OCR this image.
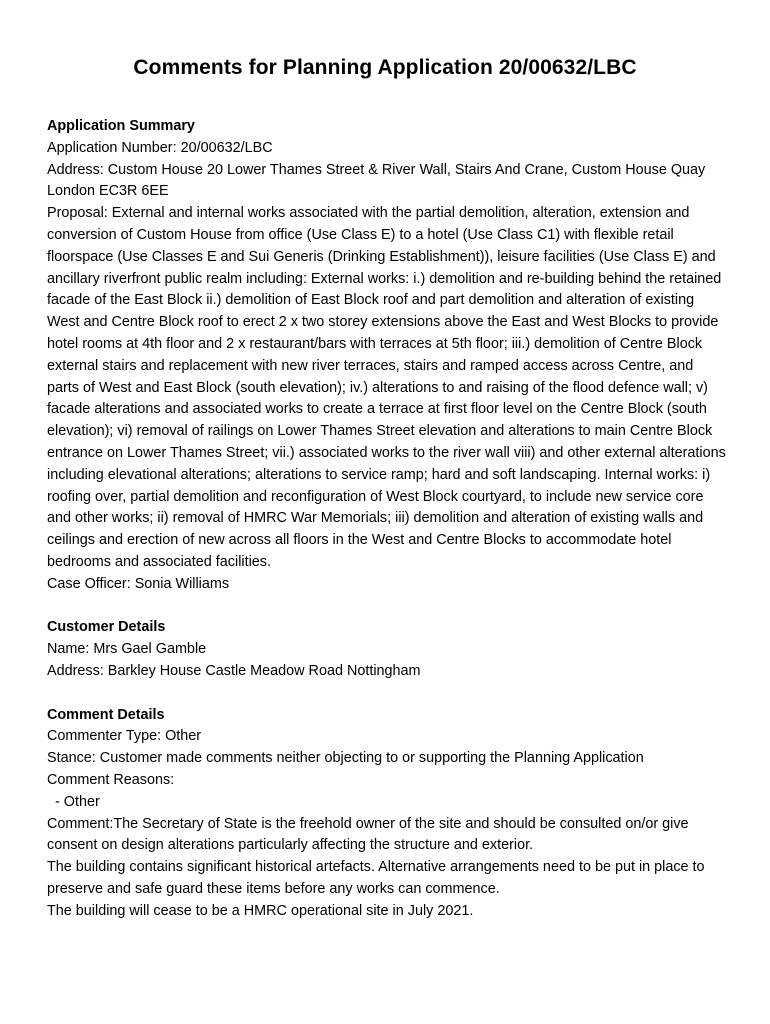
Comments for Planning Application 20/00632/LBC

Application Summary

Application Number: 20/00632/LBC

Address: Custom House 20 Lower Thames Street & River Wall, Stairs And Crane, Custom House Quay London EC3R 6EE

Proposal: External and internal works associated with the partial demolition, alteration, extension and conversion of Custom House from office (Use Class E) to a hotel (Use Class C1) with flexible retail floorspace (Use Classes E and Sui Generis (Drinking Establishment)), leisure facilities (Use Class E) and ancillary riverfront public realm including: External works: i.) demolition and re-building behind the retained facade of the East Block ii.) demolition of East Block roof and part demolition and alteration of existing West and Centre Block roof to erect 2 x two storey extensions above the East and West Blocks to provide hotel rooms at 4th floor and 2 x restaurant/bars with terraces at 5th floor; iii.) demolition of Centre Block external stairs and replacement with new river terraces, stairs and ramped access across Centre, and parts of West and East Block (south elevation); iv.) alterations to and raising of the flood defence wall; v) facade alterations and associated works to create a terrace at first floor level on the Centre Block (south elevation); vi) removal of railings on Lower Thames Street elevation and alterations to main Centre Block entrance on Lower Thames Street; vii.) associated works to the river wall viii) and other external alterations including elevational alterations; alterations to service ramp; hard and soft landscaping. Internal works: i) roofing over, partial demolition and reconfiguration of West Block courtyard, to include new service core and other works; ii) removal of HMRC War Memorials; iii) demolition and alteration of existing walls and ceilings and erection of new across all floors in the West and Centre Blocks to accommodate hotel bedrooms and associated facilities.

Case Officer: Sonia Williams

Customer Details

Name: Mrs Gael Gamble

Address: Barkley House Castle Meadow Road Nottingham

Comment Details

Commenter Type: Other

Stance: Customer made comments neither objecting to or supporting the Planning Application

Comment Reasons:

- Other

Comment:The Secretary of State is the freehold owner of the site and should be consulted on/or give consent on design alterations particularly affecting the structure and exterior.

The building contains significant historical artefacts. Alternative arrangements need to be put in place to preserve and safe guard these items before any works can commence.

The building will cease to be a HMRC operational site in July 2021.
